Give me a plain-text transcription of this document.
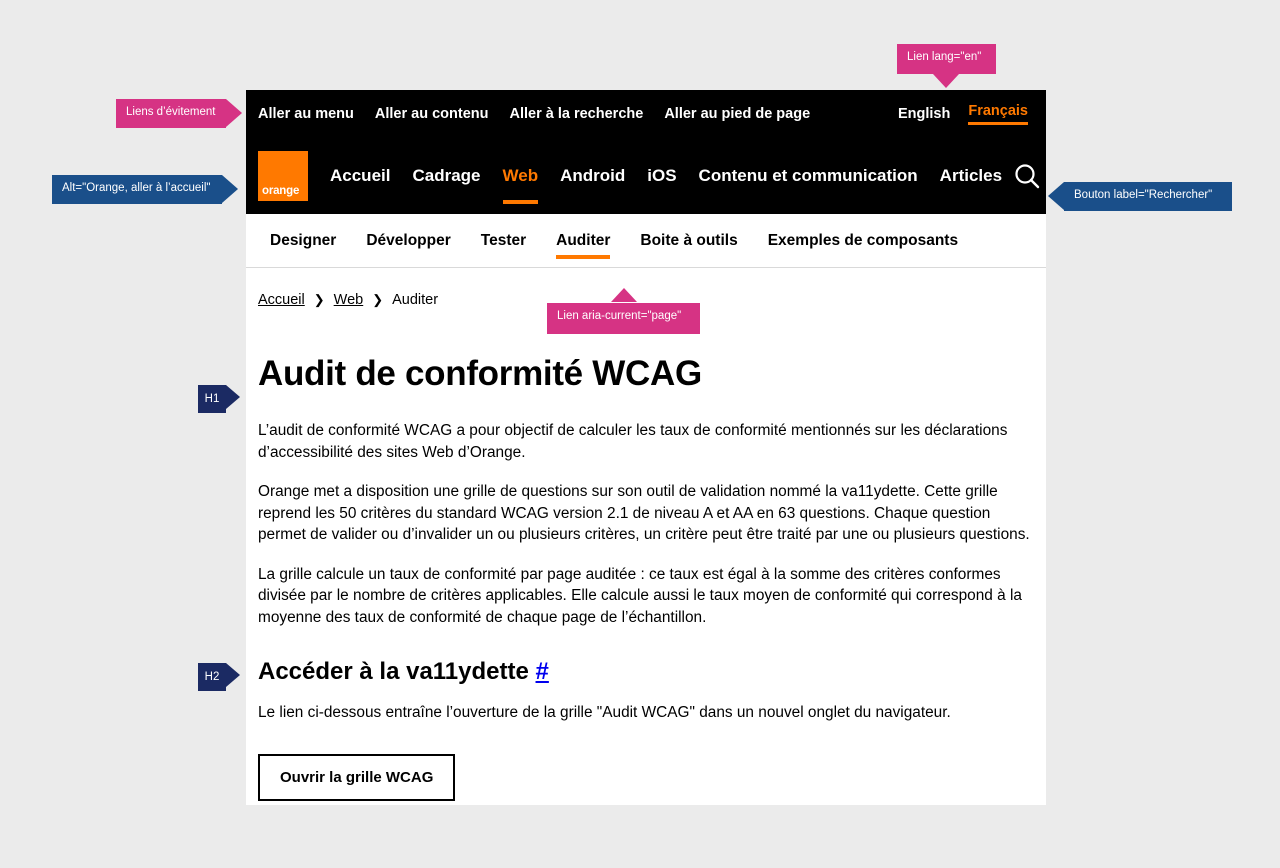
Aller au menu Aller au contenu Aller à la recherche Aller au pied de page	English Français
orange
Accueil Cadrage Web Android iOS Contenu et communication Articles
Designer Développer Tester Auditer Boite à outils Exemples de composants
Accueil ❯ Web ❯ Auditer
Audit de conformité WCAG

L’audit de conformité WCAG a pour objectif de calculer les taux de conformité mentionnés sur les déclarations d’accessibilité des sites Web d’Orange.

Orange met a disposition une grille de questions sur son outil de validation nommé la va11ydette. Cette grille reprend les 50 critères du standard WCAG version 2.1 de niveau A et AA en 63 questions. Chaque question permet de valider ou d’invalider un ou plusieurs critères, un critère peut être traité par une ou plusieurs questions.

La grille calcule un taux de conformité par page auditée : ce taux est égal à la somme des critères conformes divisée par le nombre de critères applicables. Elle calcule aussi le taux moyen de conformité qui correspond à la moyenne des taux de conformité de chaque page de l’échantillon.

Accéder à la va11ydette #

Le lien ci-dessous entraîne l’ouverture de la grille "Audit WCAG" dans un nouvel onglet du navigateur.

Ouvrir la grille WCAG
Lien lang="en"
Liens d’évitement
Alt="Orange, aller à l’accueil"
Bouton label="Rechercher"
Lien aria-current="page"
H1
H2
